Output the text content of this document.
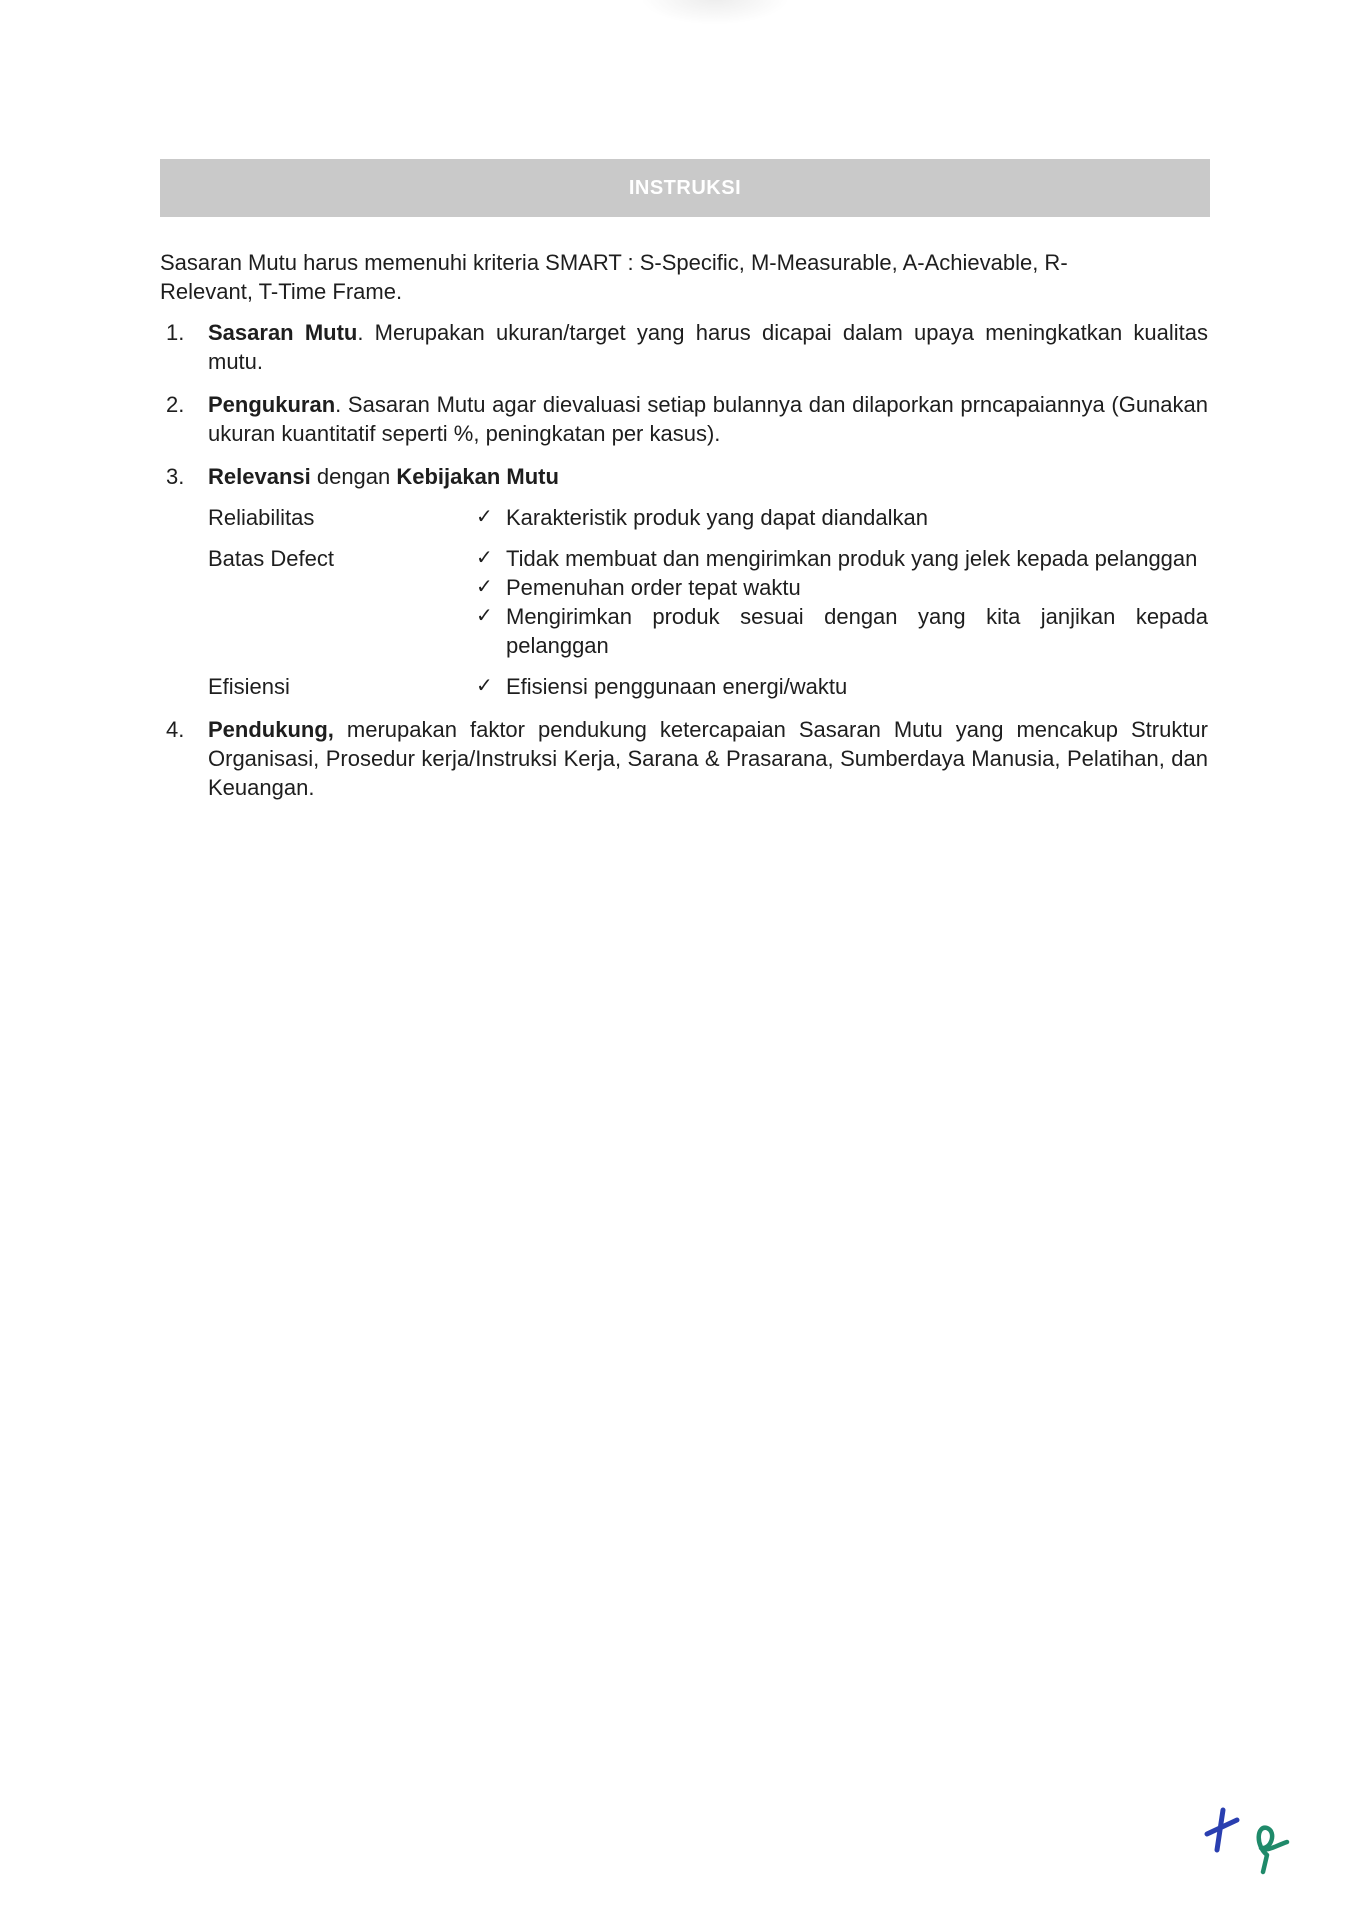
INSTRUKSI

Sasaran Mutu harus memenuhi kriteria SMART : S-Specific, M-Measurable, A-Achievable, R-
Relevant, T-Time Frame.

1.	Sasaran Mutu. Merupakan ukuran/target yang harus dicapai dalam upaya meningkatkan kualitas mutu.
2.	Pengukuran. Sasaran Mutu agar dievaluasi setiap bulannya dan dilaporkan prncapaiannya (Gunakan ukuran kuantitatif seperti %, peningkatan per kasus).
3.	Relevansi dengan Kebijakan Mutu
Reliabilitas	✓ Karakteristik produk yang dapat diandalkan
Batas Defect	✓ Tidak membuat dan mengirimkan produk yang jelek kepada pelanggan
✓ Pemenuhan order tepat waktu
✓ Mengirimkan produk sesuai dengan yang kita janjikan kepada pelanggan
Efisiensi	✓ Efisiensi penggunaan energi/waktu
4.	Pendukung, merupakan faktor pendukung ketercapaian Sasaran Mutu yang mencakup Struktur Organisasi, Prosedur kerja/Instruksi Kerja, Sarana & Prasarana, Sumberdaya Manusia, Pelatihan, dan Keuangan.
